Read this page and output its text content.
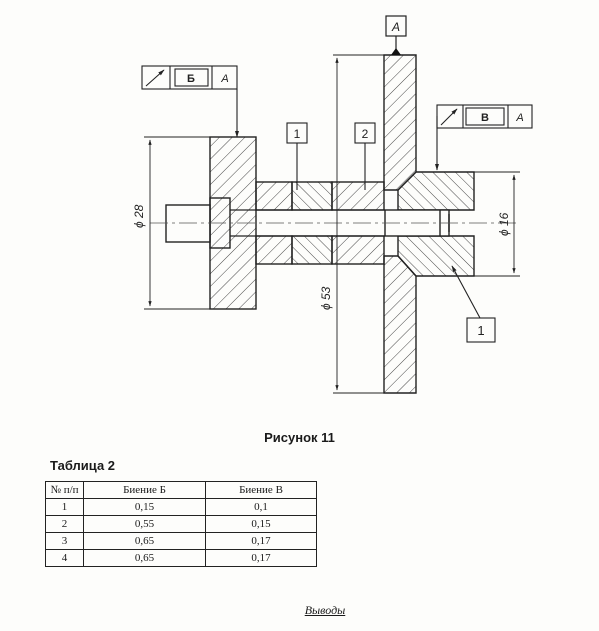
ϕ 28
ϕ 53
ϕ 16
А
Б А
В А
1	2
1
Рисунок 11
Таблица 2
№ п/п	Биение Б	Биение В
1	0,15	0,1
2	0,55	0,15
3	0,65	0,17
4	0,65	0,17
Выводы
